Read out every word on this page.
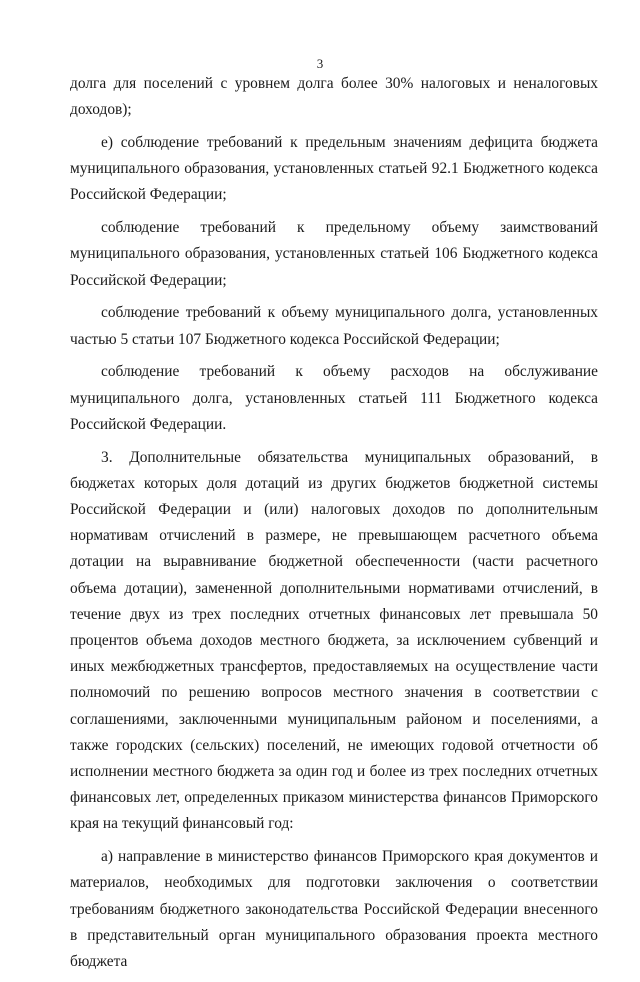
3

долга для поселений с уровнем долга более 30% налоговых и неналоговых доходов);

е) соблюдение требований к предельным значениям дефицита бюджета муниципального образования, установленных статьей 92.1 Бюджетного кодекса Российской Федерации;

соблюдение требований к предельному объему заимствований муниципального образования, установленных статьей 106 Бюджетного кодекса Российской Федерации;

соблюдение требований к объему муниципального долга, установленных частью 5 статьи 107 Бюджетного кодекса Российской Федерации;

соблюдение требований к объему расходов на обслуживание муниципального долга, установленных статьей 111 Бюджетного кодекса Российской Федерации.

3. Дополнительные обязательства муниципальных образований, в бюджетах которых доля дотаций из других бюджетов бюджетной системы Российской Федерации и (или) налоговых доходов по дополнительным нормативам отчислений в размере, не превышающем расчетного объема дотации на выравнивание бюджетной обеспеченности (части расчетного объема дотации), замененной дополнительными нормативами отчислений, в течение двух из трех последних отчетных финансовых лет превышала 50 процентов объема доходов местного бюджета, за исключением субвенций и иных межбюджетных трансфертов, предоставляемых на осуществление части полномочий по решению вопросов местного значения в соответствии с соглашениями, заключенными муниципальным районом и поселениями, а также городских (сельских) поселений, не имеющих годовой отчетности об исполнении местного бюджета за один год и более из трех последних отчетных финансовых лет, определенных приказом министерства финансов Приморского края на текущий финансовый год:

а) направление в министерство финансов Приморского края документов и материалов, необходимых для подготовки заключения о соответствии требованиям бюджетного законодательства Российской Федерации внесенного в представительный орган муниципального образования проекта местного бюджета
